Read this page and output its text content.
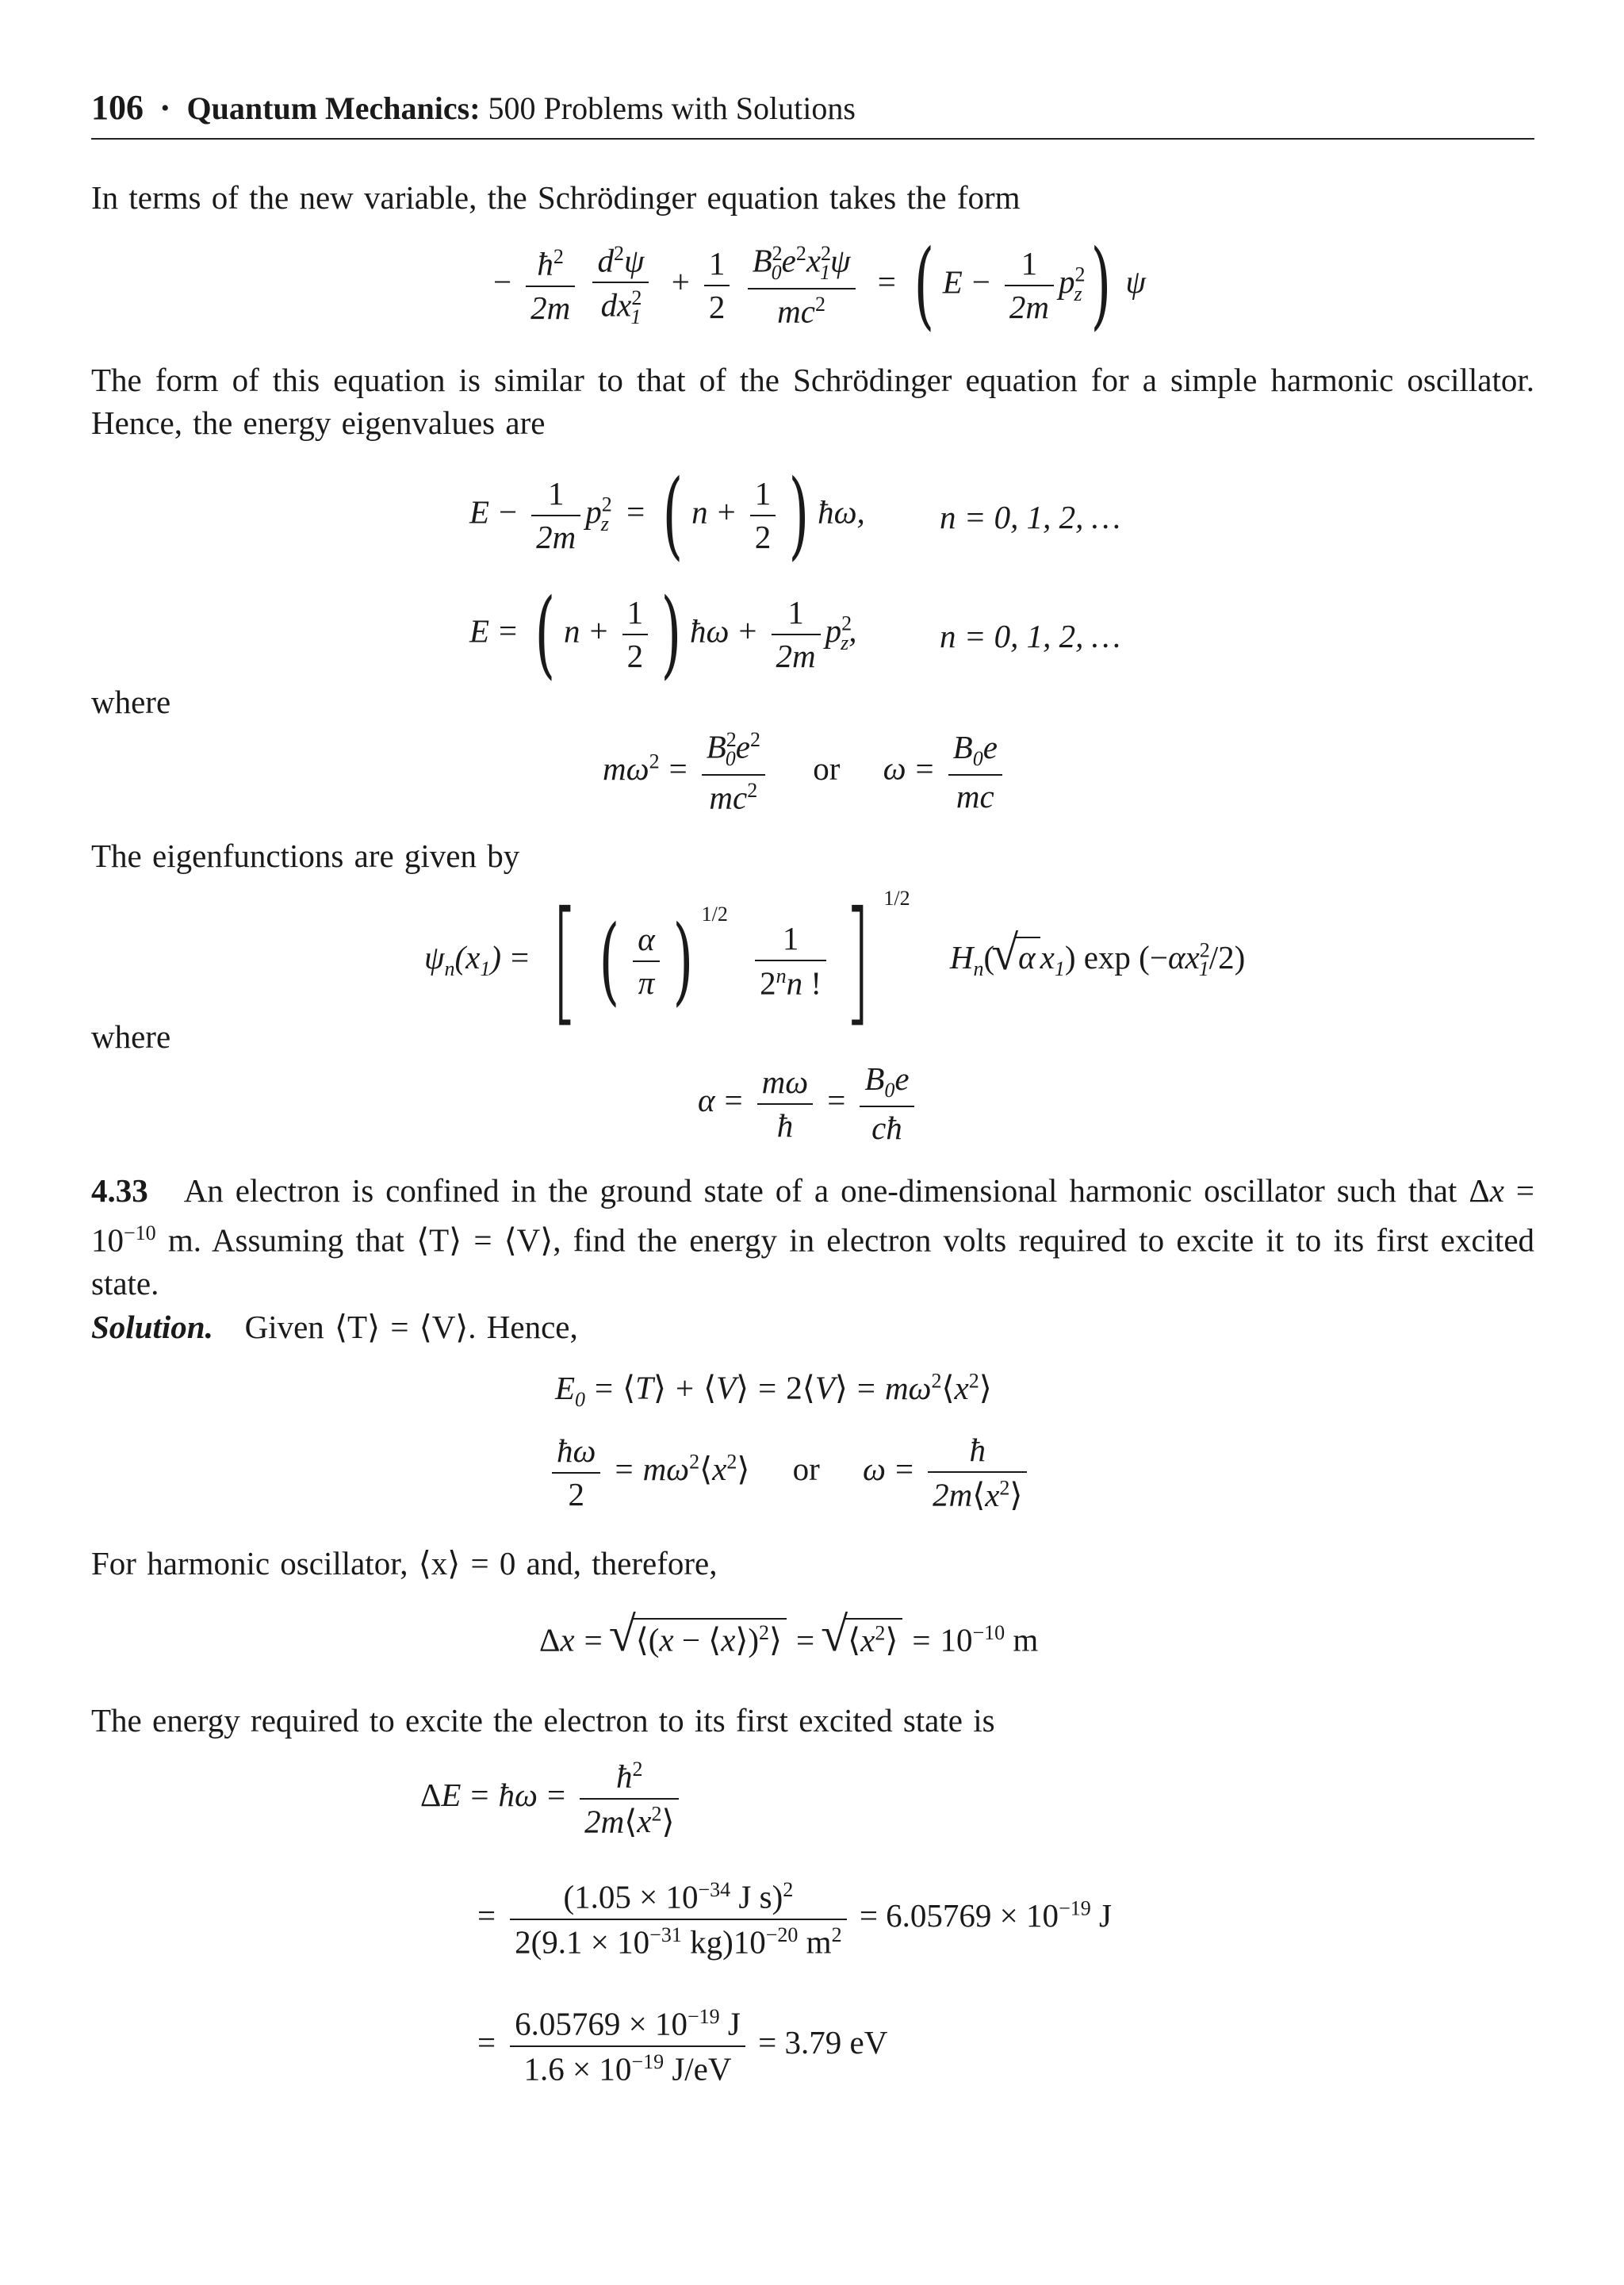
106 • Quantum Mechanics: 500 Problems with Solutions
In terms of the new variable, the Schrödinger equation takes the form
− $\frac{ħ^2}{2m}$
$\frac{d^2\psi}{dx^2_1} + \frac{1}{2}$
$\frac{B^2_0e^2x^2_1\psi}{mc^2}$ = ( $E - \frac{1}{2m} p^2_z$) ψ
The form of this equation is similar to that of the Schrödinger equation for a simple harmonic oscillator. Hence, the energy eigenvalues are
$E - \frac{1}{2m} p^2_z$ = ( $n + \frac{1}{2}$ ) ħω, n = 0, 1, 2, …
E = ( $n + \frac{1}{2}$ ) ħω + $\frac{1}{2m} p^2_z$,	n = 0, 1, 2, …
where
$m\omega^2 = \frac{B^2_0e^2}{mc^2}$ or $\omega = \frac{B_0e}{mc}$
The eigenfunctions are given by
$\psi_n(x_1)$ = [ ( $\frac{\alpha}{\pi}$ ) $^{1/2}$
$\frac{1}{2^nn !}$ ] $^{1/2}$ $H_n(√$ α $x_1$) $\exp (-\alpha x^2_1/2)$
where
$\alpha = \frac{m\omega}{ħ} = \frac{B_0e}{cħ}$
4.33 An electron is confined in the ground state of a one-dimensional harmonic oscillator such that $\Delta x = 10^{-10}$ m. Assuming that ⟨T⟩ = ⟨V⟩, find the energy in electron volts required to excite it to its first excited state.
Solution. Given ⟨T⟩ = ⟨V⟩. Hence,
$E_0$ = ⟨T⟩ + ⟨V⟩ = 2⟨V⟩ = $m\omega^2⟨x^2⟩$
$\frac{ħ\omega}{2}$ = $m\omega^2⟨x^2⟩$ or $\omega = \frac{ħ}{2m⟨x^2⟩}$
For harmonic oscillator, ⟨x⟩ = 0 and, therefore,
Δx =√ ⟨(x − ⟨x⟩)$^2$⟩ =√ $⟨x^2⟩ = 10^{-10}$ m
The energy required to excite the electron to its first excited state is
ΔE = ħω = $\frac{ħ^2}{2m⟨x^2⟩}$
= $\frac{(1.05 \times 10^{-34} J s)^2}{2(9.1 \times 10^{-31} kg)10^{-20} m^2} = 6.05769 \times 10^{-19}$ J
= $\frac{6.05769 \times 10^{-19} J}{1.6 \times 10^{-19} J/eV} = 3.79$ eV
